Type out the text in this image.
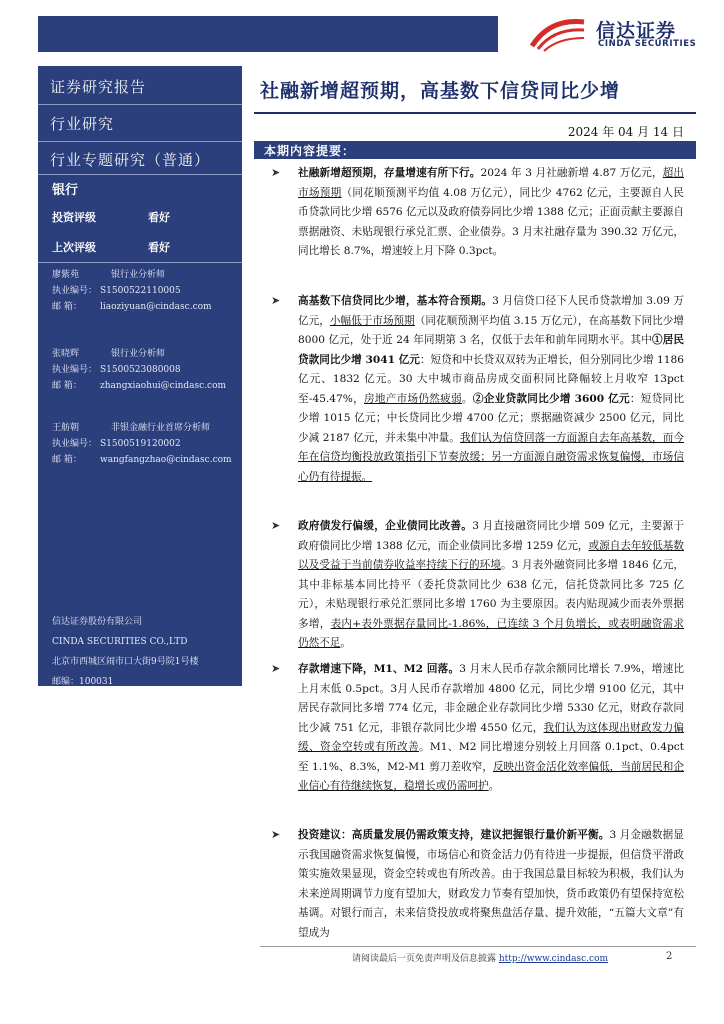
信达证券
CINDA SECURITIES
证券研究报告
行业研究
行业专题研究（普通）
银行
投资评级	看好
上次评级	看好
廖紫苑	银行业分析师
执业编号： S1500522110005
邮 箱： liaoziyuan@cindasc.com
张晓辉	银行业分析师
执业编号： S1500523080008
邮 箱： zhangxiaohui@cindasc.com
王舫朝	非银金融行业首席分析师
执业编号： S1500519120002
邮 箱： wangfangzhao@cindasc.com
信达证券股份有限公司
CINDA SECURITIES CO.,LTD
北京市西城区闹市口大街9号院1号楼
邮编：100031
社融新增超预期，高基数下信贷同比少增
2024 年 04 月 14 日
本期内容提要：
➤ 社融新增超预期，存量增速有所下行。2024 年 3 月社融新增 4.87 万亿元，超出市场预期（同花顺预测平均值 4.08 万亿元），同比少 4762 亿元，主要源自人民币贷款同比少增 6576 亿元以及政府债券同比少增 1388 亿元；正面贡献主要源自票据融资、未贴现银行承兑汇票、企业债券。3 月末社融存量为 390.32 万亿元，同比增长 8.7%，增速较上月下降 0.3pct。
➤ 高基数下信贷同比少增，基本符合预期。3 月信贷口径下人民币贷款增加 3.09 万亿元，小幅低于市场预期（同花顺预测平均值 3.15 万亿元），在高基数下同比少增 8000 亿元，处于近 24 年同期第 3 名，仅低于去年和前年同期水平。其中①居民贷款同比少增 3041 亿元：短贷和中长贷双双转为正增长，但分别同比少增 1186 亿元、1832 亿元。30 大中城市商品房成交面积同比降幅较上月收窄 13pct 至-45.47%，房地产市场仍然疲弱。②企业贷款同比少增 3600 亿元：短贷同比少增 1015 亿元；中长贷同比少增 4700 亿元；票据融资减少 2500 亿元，同比少减 2187 亿元，并未集中冲量。我们认为信贷回落一方面源自去年高基数，而今年在信贷均衡投放政策指引下节奏放缓；另一方面源自融资需求恢复偏慢，市场信心仍有待提振。
➤ 政府债发行偏缓，企业债同比改善。3 月直接融资同比少增 509 亿元，主要源于政府债同比少增 1388 亿元，而企业债同比多增 1259 亿元，或源自去年较低基数以及受益于当前债券收益率持续下行的环境。3 月表外融资同比多增 1846 亿元，其中非标基本同比持平（委托贷款同比少 638 亿元，信托贷款同比多 725 亿元），未贴现银行承兑汇票同比多增 1760 为主要原因。表内贴现减少而表外票据多增，表内+表外票据存量同比-1.86%，已连续 3 个月负增长，或表明融资需求仍然不足。
➤ 存款增速下降，M1、M2 回落。3 月末人民币存款余额同比增长 7.9%，增速比上月末低 0.5pct。3月人民币存款增加 4800 亿元，同比少增 9100 亿元，其中居民存款同比多增 774 亿元，非金融企业存款同比少增 5330 亿元，财政存款同比少减 751 亿元，非银存款同比少增 4550 亿元，我们认为这体现出财政发力偏缓、资金空转或有所改善。M1、M2 同比增速分别较上月回落 0.1pct、0.4pct 至 1.1%、8.3%，M2-M1 剪刀差收窄，反映出资金活化效率偏低，当前居民和企业信心有待继续恢复，稳增长或仍需呵护。
➤ 投资建议：高质量发展仍需政策支持，建议把握银行量价新平衡。3 月金融数据显示我国融资需求恢复偏慢，市场信心和资金活力仍有待进一步提振，但信贷平滑政策实施效果显现，资金空转或也有所改善。由于我国总量目标较为积极，我们认为未来逆周期调节力度有望加大，财政发力节奏有望加快，货币政策仍有望保持宽松基调。对银行而言，未来信贷投放或将聚焦盘活存量、提升效能，“五篇大文章”有望成为
请阅读最后一页免责声明及信息披露 http://www.cindasc.com	2
